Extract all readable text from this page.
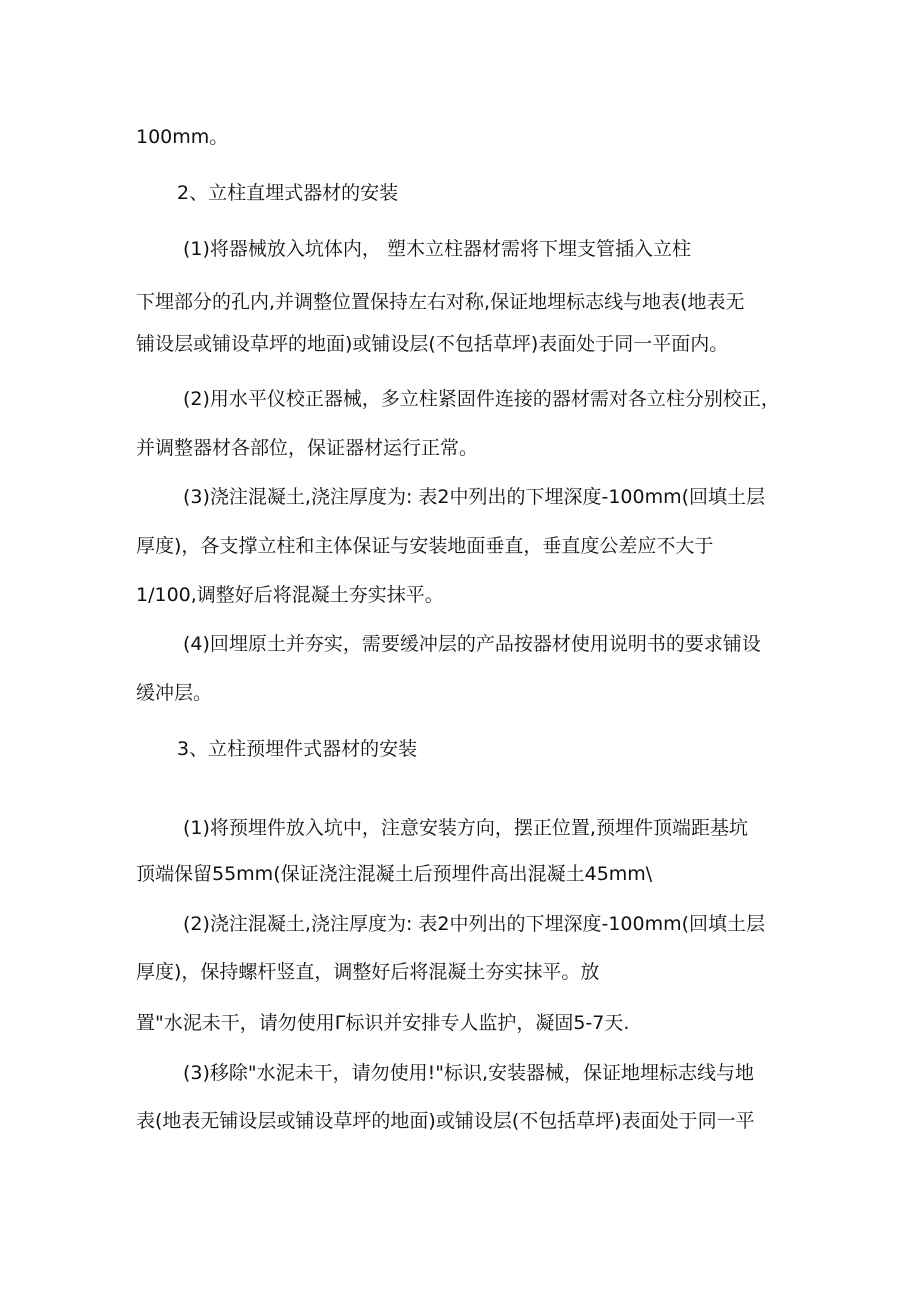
100mm。
2、立柱直埋式器材的安装
(1)将器械放入坑体内， 塑木立柱器材需将下埋支管插入立柱
下埋部分的孔内,并调整位置保持左右对称,保证地埋标志线与地表(地表无
铺设层或铺设草坪的地面)或铺设层(不包括草坪)表面处于同一平面内。
(2)用水平仪校正器械，多立柱紧固件连接的器材需对各立柱分别校正，
并调整器材各部位，保证器材运行正常。
(3)浇注混凝土,浇注厚度为: 表2中列出的下埋深度-100mm(回填土层
厚度)，各支撑立柱和主体保证与安装地面垂直，垂直度公差应不大于
1/100,调整好后将混凝土夯实抹平。
(4)回埋原土并夯实，需要缓冲层的产品按器材使用说明书的要求铺设
缓冲层。
3、立柱预埋件式器材的安装
(1)将预埋件放入坑中，注意安装方向，摆正位置,预埋件顶端距基坑
顶端保留55mm(保证浇注混凝土后预埋件高出混凝土45mm\
(2)浇注混凝土,浇注厚度为: 表2中列出的下埋深度-100mm(回填土层
厚度)，保持螺杆竖直，调整好后将混凝土夯实抹平。放
置"水泥未干，请勿使用Γ标识并安排专人监护，凝固5-7天.
(3)移除"水泥未干，请勿使用!"标识,安装器械，保证地埋标志线与地
表(地表无铺设层或铺设草坪的地面)或铺设层(不包括草坪)表面处于同一平
